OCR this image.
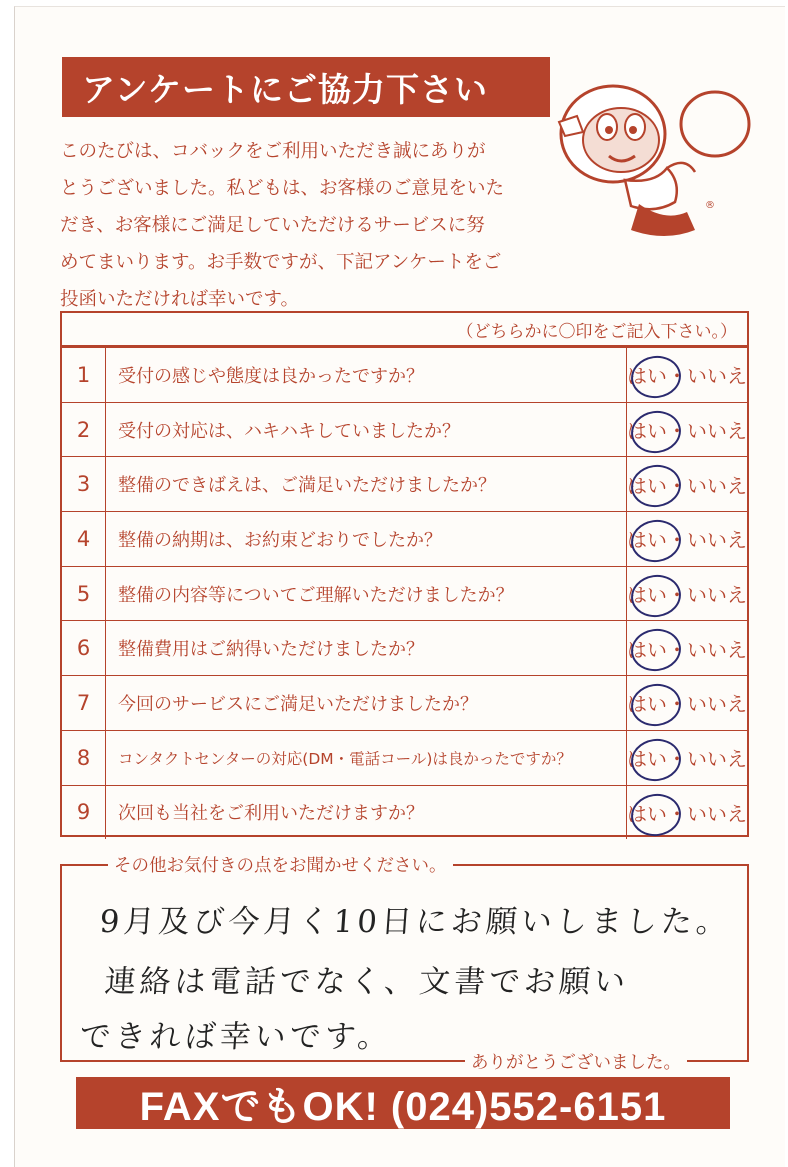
アンケートにご協力下さい
このたびは、コバックをご利用いただき誠にありが
とうございました。私どもは、お客様のご意見をいた
だき、お客様にご満足していただけるサービスに努
めてまいります。お手数ですが、下記アンケートをご
投函いただければ幸いです。
®
（どちらかに〇印をご記入下さい。）
1	受付の感じや態度は良かったですか？	はい・いいえ
2	受付の対応は、ハキハキしていましたか？	はい・いいえ
3	整備のできばえは、ご満足いただけましたか？	はい・いいえ
4	整備の納期は、お約束どおりでしたか？	はい・いいえ
5	整備の内容等についてご理解いただけましたか？	はい・いいえ
6	整備費用はご納得いただけましたか？	はい・いいえ
7	今回のサービスにご満足いただけましたか？	はい・いいえ
8	コンタクトセンターの対応(DM・電話コール)は良かったですか？	はい・いいえ
9	次回も当社をご利用いただけますか？	はい・いいえ
その他お気付きの点をお聞かせください。
9月及び今月く10日にお願いしました。
連絡は電話でなく、文書でお願い
できれば幸いです。
ありがとうございました。
FAXでもOK! (024)552-6151
